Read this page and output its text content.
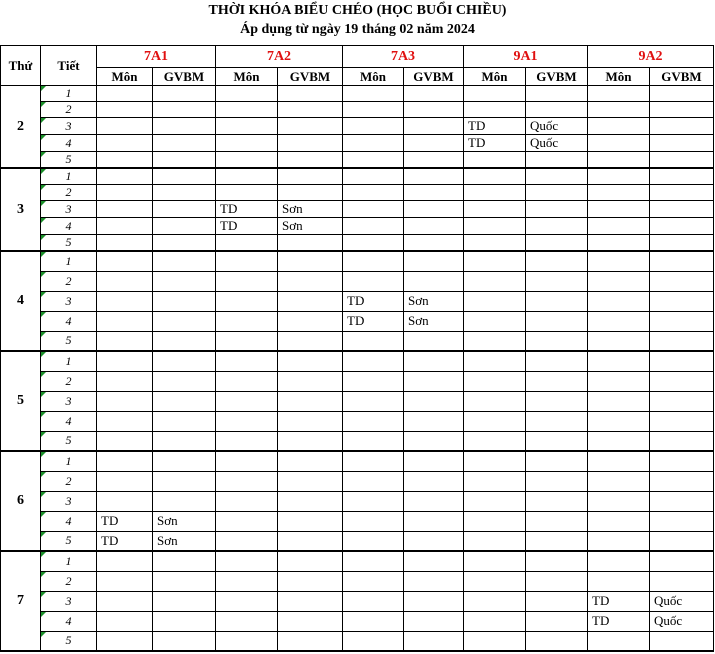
THỜI KHÓA BIỂU CHÉO (HỌC BUỔI CHIỀU)
Áp dụng từ ngày 19 tháng 02 năm 2024
Thứ	Tiết	7A1		7A2		7A3		9A1		9A2	
		Môn	GVBM	Môn	GVBM	Môn	GVBM	Môn	GVBM	Môn	GVBM
2	1										
	2										
	3							TD	Quốc		
	4							TD	Quốc		
	5										
3	1										
	2										
	3			TD	Sơn						
	4			TD	Sơn						
	5										
4	1										
	2										
	3					TD	Sơn				
	4					TD	Sơn				
	5										
5	1										
	2										
	3										
	4										
	5										
6	1										
	2										
	3										
	4	TD	Sơn								
	5	TD	Sơn								
7	1										
	2										
	3									TD	Quốc
	4									TD	Quốc
	5										
